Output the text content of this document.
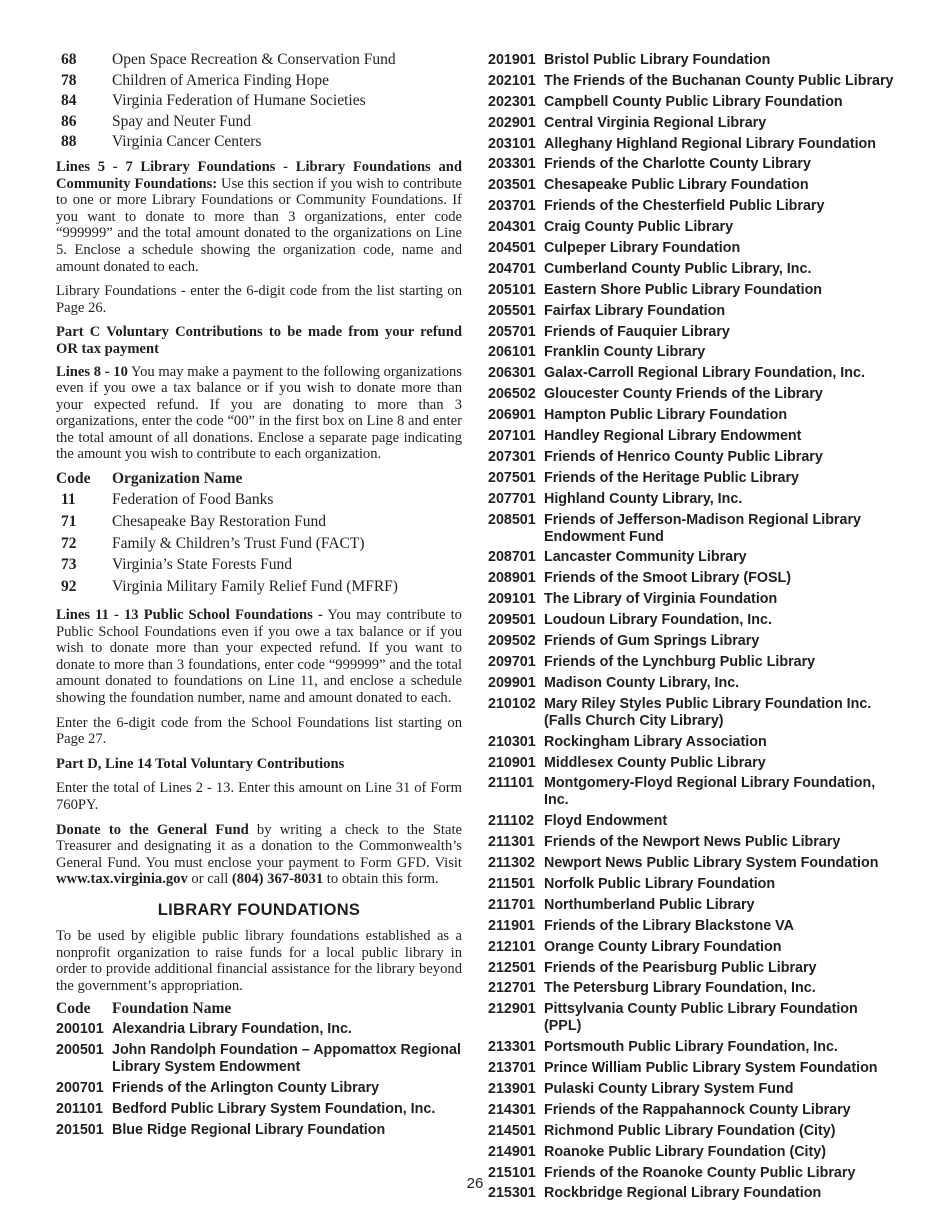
68	Open Space Recreation & Conservation Fund
78	Children of America Finding Hope
84	Virginia Federation of Humane Societies
86	Spay and Neuter Fund
88	Virginia Cancer Centers

Lines 5 - 7 Library Foundations - Library Foundations and Community Foundations: Use this section if you wish to contribute to one or more Library Foundations or Community Foundations. If you want to donate to more than 3 organizations, enter code “999999” and the total amount donated to the organizations on Line 5. Enclose a schedule showing the organization code, name and amount donated to each.

Library Foundations - enter the 6-digit code from the list starting on Page 26.

Part C Voluntary Contributions to be made from your refund OR tax payment

Lines 8 - 10 You may make a payment to the following organizations even if you owe a tax balance or if you wish to donate more than your expected refund. If you are donating to more than 3 organizations, enter the code “00” in the first box on Line 8 and enter the total amount of all donations. Enclose a separate page indicating the amount you wish to contribute to each organization.

Code	Organization Name
11	Federation of Food Banks
71	Chesapeake Bay Restoration Fund
72	Family & Children’s Trust Fund (FACT)
73	Virginia’s State Forests Fund
92	Virginia Military Family Relief Fund (MFRF)

Lines 11 - 13 Public School Foundations - You may contribute to Public School Foundations even if you owe a tax balance or if you wish to donate more than your expected refund. If you want to donate to more than 3 foundations, enter code “999999” and the total amount donated to foundations on Line 11, and enclose a schedule showing the foundation number, name and amount donated to each.

Enter the 6-digit code from the School Foundations list starting on Page 27.

Part D, Line 14 Total Voluntary Contributions

Enter the total of Lines 2 - 13. Enter this amount on Line 31 of Form 760PY.

Donate to the General Fund by writing a check to the State Treasurer and designating it as a donation to the Commonwealth’s General Fund. You must enclose your payment to Form GFD. Visit www.tax.virginia.gov or call (804) 367-8031 to obtain this form.

LIBRARY FOUNDATIONS

To be used by eligible public library foundations established as a nonprofit organization to raise funds for a local public library in order to provide additional financial assistance for the library beyond the government’s appropriation.

Code	Foundation Name
200101 Alexandria Library Foundation, Inc.
200501 John Randolph Foundation – Appomattox Regional Library System Endowment
200701 Friends of the Arlington County Library
201101 Bedford Public Library System Foundation, Inc.
201501 Blue Ridge Regional Library Foundation
201901 Bristol Public Library Foundation
202101 The Friends of the Buchanan County Public Library
202301 Campbell County Public Library Foundation
202901 Central Virginia Regional Library
203101 Alleghany Highland Regional Library Foundation
203301 Friends of the Charlotte County Library
203501 Chesapeake Public Library Foundation
203701 Friends of the Chesterfield Public Library
204301 Craig County Public Library
204501 Culpeper Library Foundation
204701 Cumberland County Public Library, Inc.
205101 Eastern Shore Public Library Foundation
205501 Fairfax Library Foundation
205701 Friends of Fauquier Library
206101 Franklin County Library
206301 Galax-Carroll Regional Library Foundation, Inc.
206502 Gloucester County Friends of the Library
206901 Hampton Public Library Foundation
207101 Handley Regional Library Endowment
207301 Friends of Henrico County Public Library
207501 Friends of the Heritage Public Library
207701 Highland County Library, Inc.
208501 Friends of Jefferson-Madison Regional Library Endowment Fund
208701 Lancaster Community Library
208901 Friends of the Smoot Library (FOSL)
209101 The Library of Virginia Foundation
209501 Loudoun Library Foundation, Inc.
209502 Friends of Gum Springs Library
209701 Friends of the Lynchburg Public Library
209901 Madison County Library, Inc.
210102 Mary Riley Styles Public Library Foundation Inc. (Falls Church City Library)
210301 Rockingham Library Association
210901 Middlesex County Public Library
211101 Montgomery-Floyd Regional Library Foundation, Inc.
211102 Floyd Endowment
211301 Friends of the Newport News Public Library
211302 Newport News Public Library System Foundation
211501 Norfolk Public Library Foundation
211701 Northumberland Public Library
211901 Friends of the Library Blackstone VA
212101 Orange County Library Foundation
212501 Friends of the Pearisburg Public Library
212701 The Petersburg Library Foundation, Inc.
212901 Pittsylvania County Public Library Foundation (PPL)
213301 Portsmouth Public Library Foundation, Inc.
213701 Prince William Public Library System Foundation
213901 Pulaski County Library System Fund
214301 Friends of the Rappahannock County Library
214501 Richmond Public Library Foundation (City)
214901 Roanoke Public Library Foundation (City)
215101 Friends of the Roanoke County Public Library
215301 Rockbridge Regional Library Foundation
26
